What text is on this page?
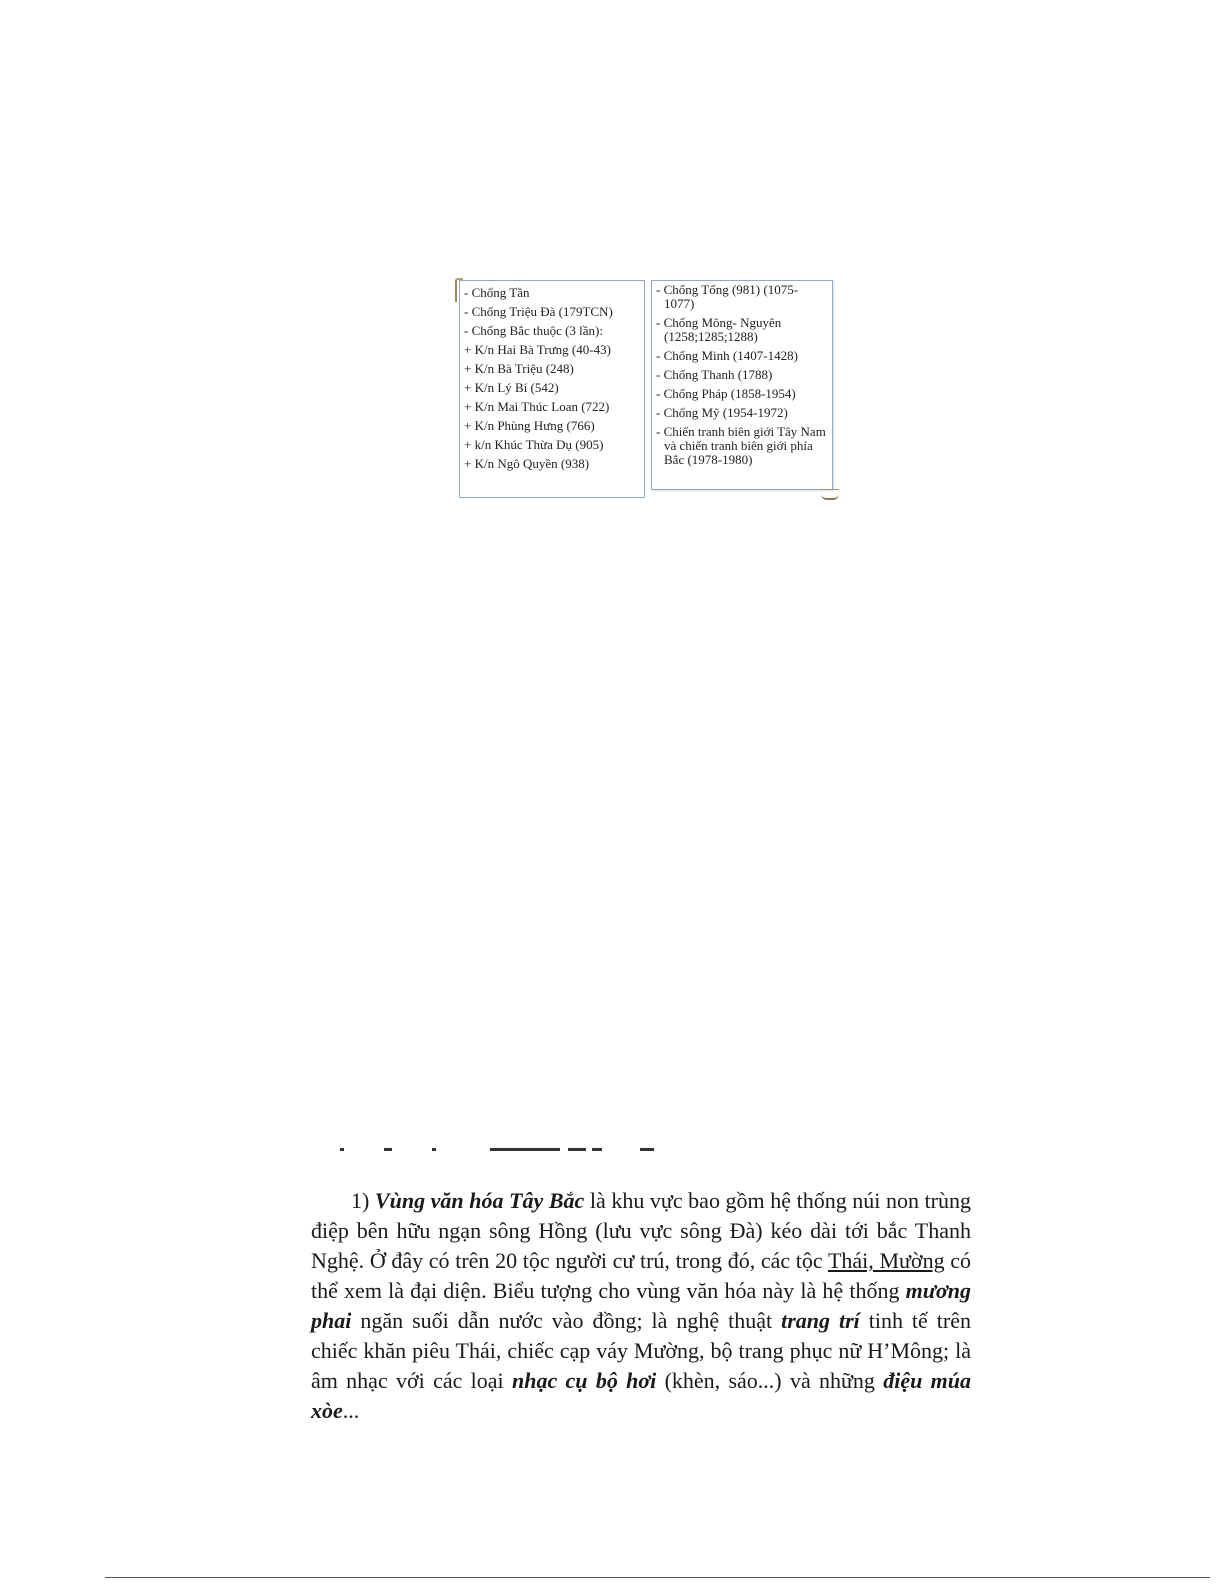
- Chống Tần
- Chống Triệu Đà (179TCN)
- Chống Bắc thuộc (3 lần):
+ K/n Hai Bà Trưng (40-43)
+ K/n Bà Triệu (248)
+ K/n Lý Bí (542)
+ K/n Mai Thúc Loan (722)
+ K/n Phùng Hưng (766)
+ k/n Khúc Thừa Dụ (905)
+ K/n Ngô Quyền (938)
- Chống Tống (981) (1075-1077)
- Chống Mông- Nguyên (1258;1285;1288)
- Chống Minh (1407-1428)
- Chống Thanh (1788)
- Chống Pháp (1858-1954)
- Chống Mỹ (1954-1972)
- Chiến tranh biên giới Tây Nam và chiến tranh biên giới phía Bắc (1978-1980)

1) Vùng văn hóa Tây Bắc là khu vực bao gồm hệ thống núi non trùng điệp bên hữu ngạn sông Hồng (lưu vực sông Đà) kéo dài tới bắc Thanh Nghệ. Ở đây có trên 20 tộc người cư trú, trong đó, các tộc Thái, Mường có thể xem là đại diện. Biểu tượng cho vùng văn hóa này là hệ thống mương phai ngăn suối dẫn nước vào đồng; là nghệ thuật trang trí tinh tế trên chiếc khăn piêu Thái, chiếc cạp váy Mường, bộ trang phục nữ H’Mông; là âm nhạc với các loại nhạc cụ bộ hơi (khèn, sáo...) và những điệu múa xòe...
